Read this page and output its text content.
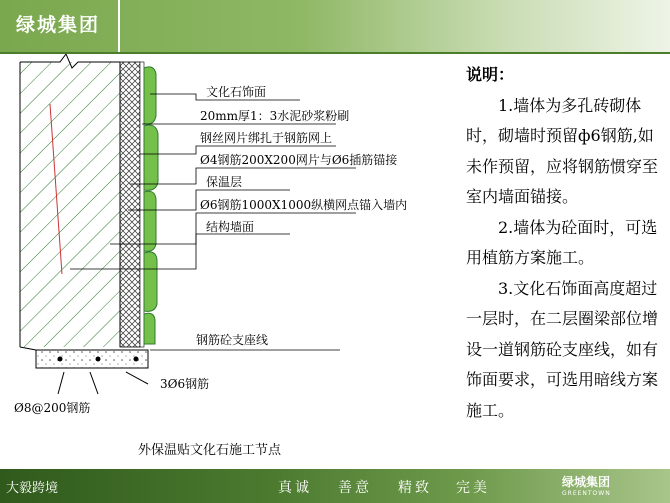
绿城集团
文化石饰面
20mm厚1：3水泥砂浆粉刷
钢丝网片绑扎于钢筋网上
Ø4钢筋200X200网片与Ø6插筋锚接
保温层
Ø6钢筋1000X1000纵横网点锚入墙内
结构墙面
钢筋砼支座线
3Ø6钢筋
Ø8@200钢筋

说明：

1.墙体为多孔砖砌体时，砌墙时预留ф6钢筋,如未作预留，应将钢筋惯穿至室内墙面锚接。

2.墙体为砼面时，可选用植筋方案施工。

3.文化石饰面高度超过一层时，在二层圈梁部位增设一道钢筋砼支座线，如有饰面要求，可选用暗线方案施工。

外保温贴文化石施工节点
大毅跨境	真诚 善意 精致 完美	绿城集团
GREENTOWN
